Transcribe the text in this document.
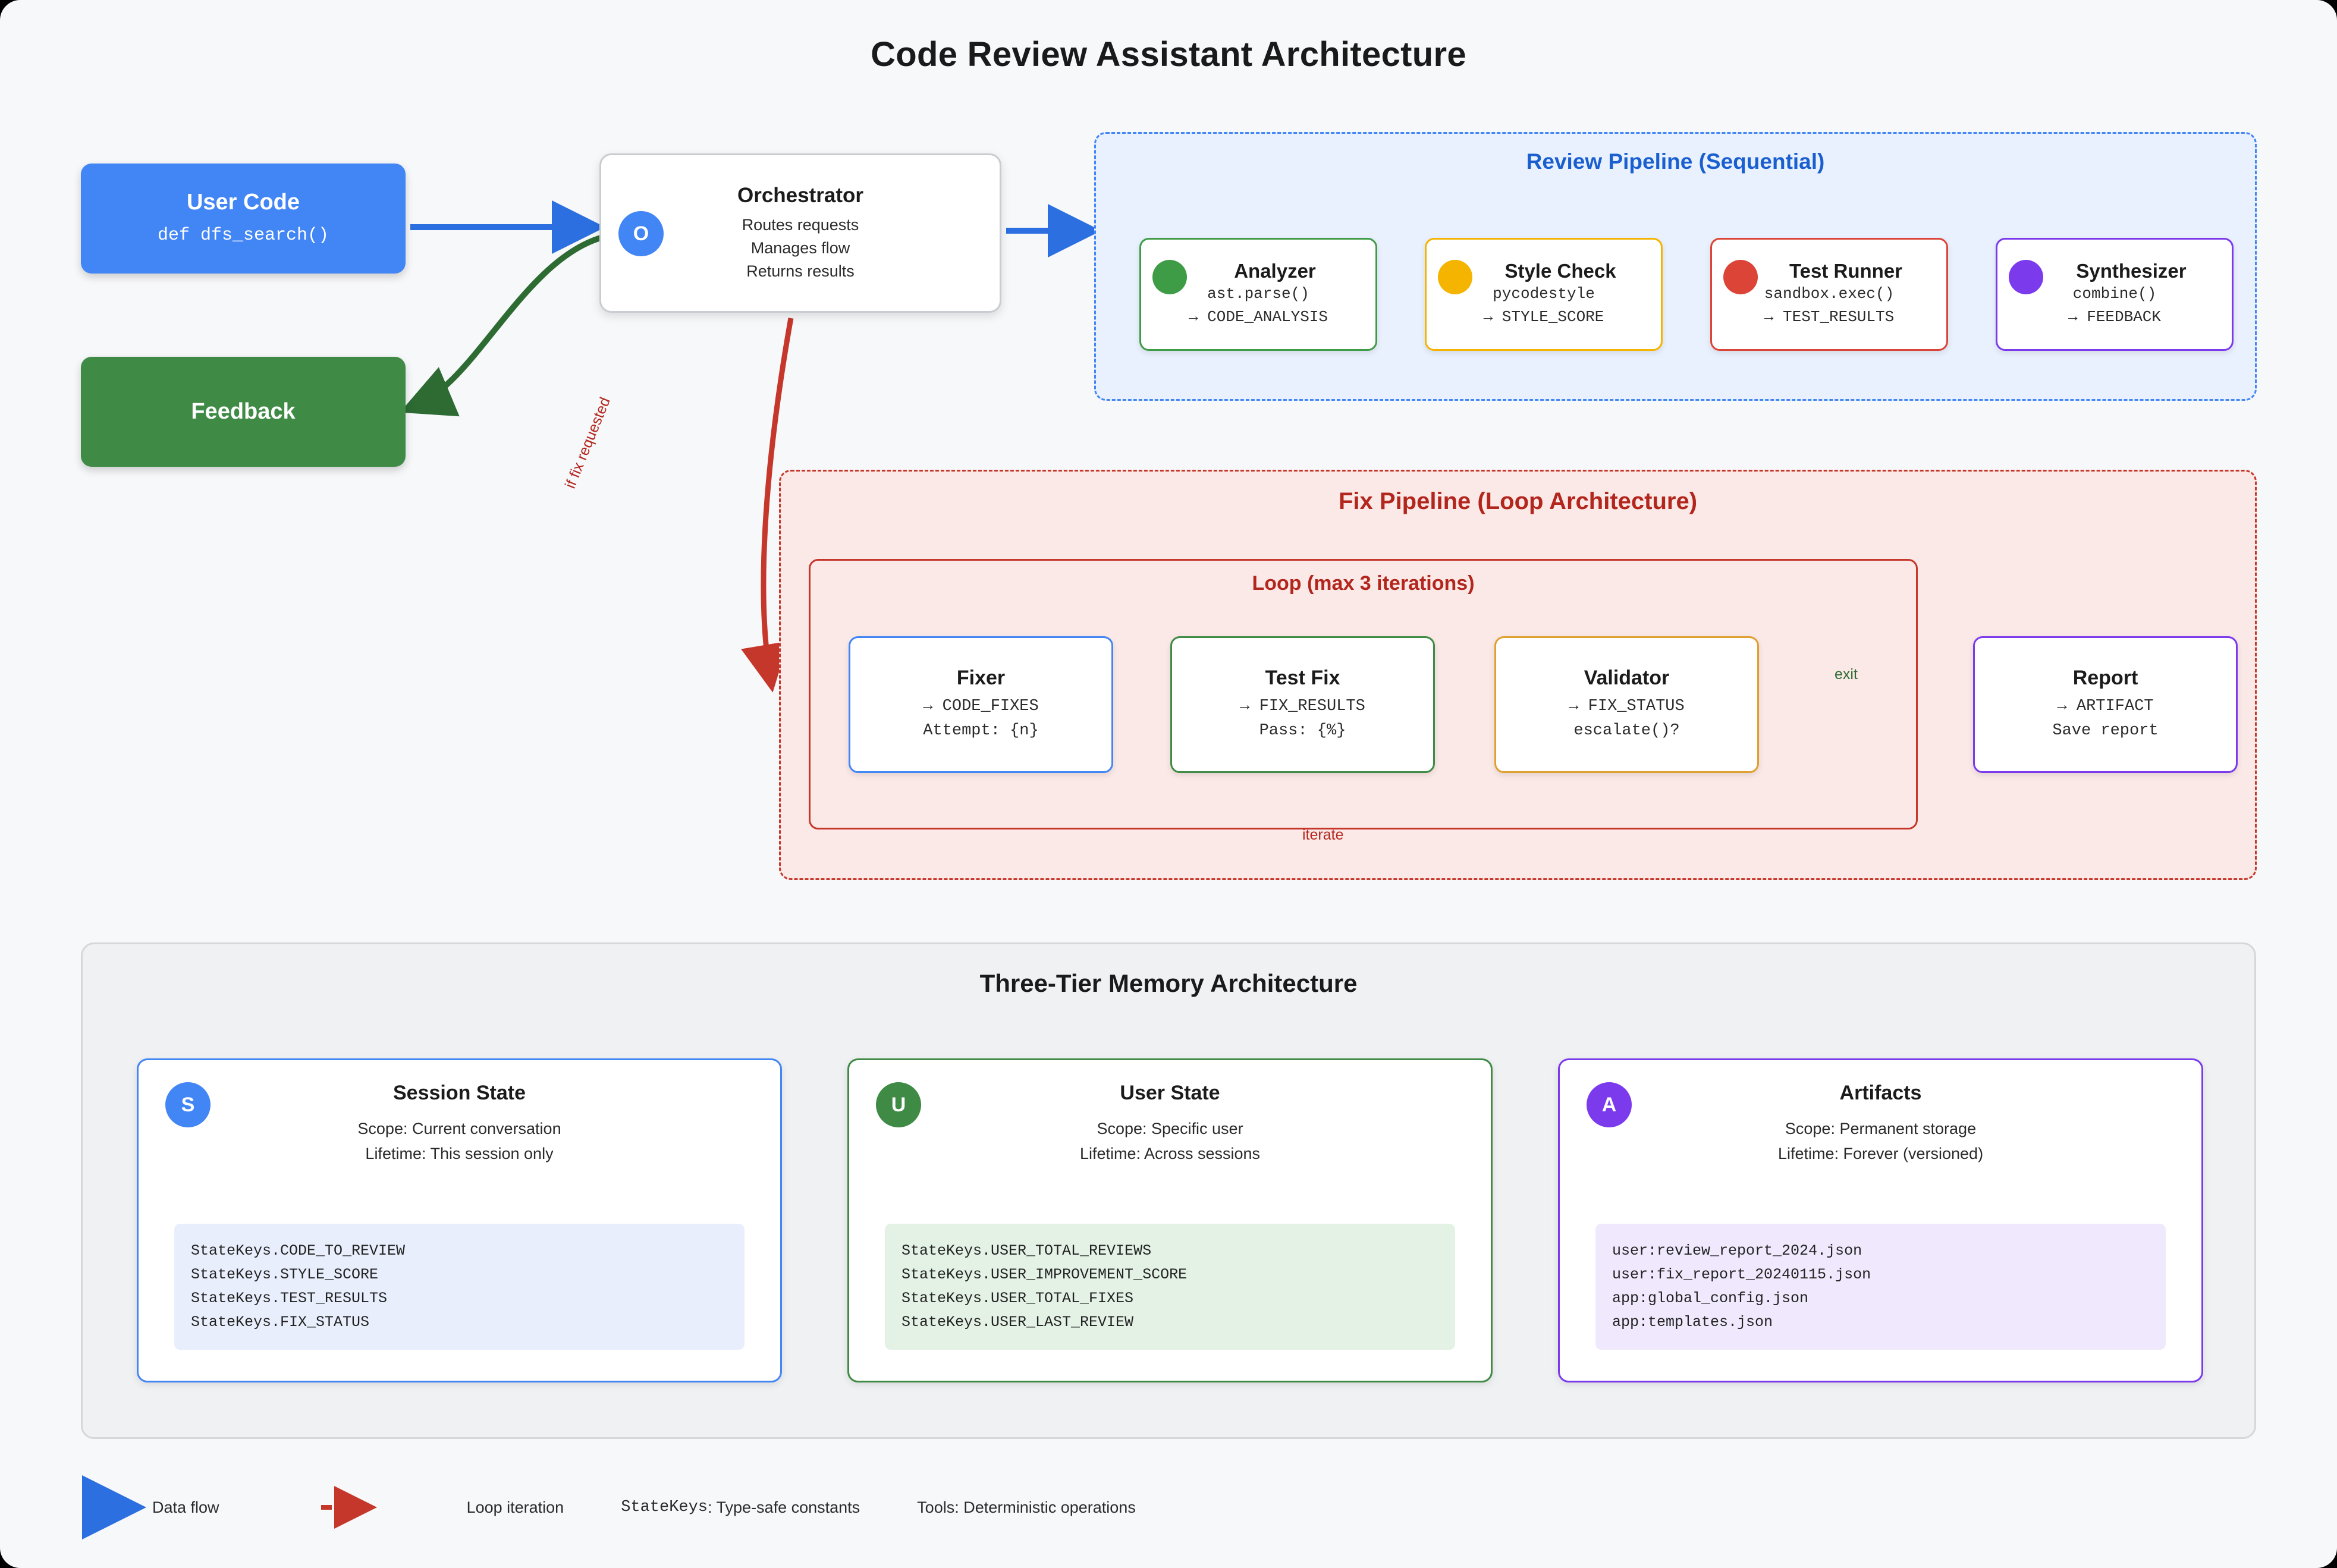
Code Review Assistant Architecture
User Code
def dfs_search()
Feedback
Orchestrator
Routes requests
Manages flow
Returns results
O
Review Pipeline (Sequential)
Analyzer
ast.parse()
→ CODE_ANALYSIS
Style Check
pycodestyle
→ STYLE_SCORE
Test Runner
sandbox.exec()
→ TEST_RESULTS
Synthesizer
combine()
→ FEEDBACK
Fix Pipeline (Loop Architecture)
Loop (max 3 iterations)
Fixer
→ CODE_FIXES
Attempt: {n}
Test Fix
→ FIX_RESULTS
Pass: {%}
Validator
→ FIX_STATUS
escalate()?
Report
→ ARTIFACT
Save report
if fix requested
exit
iterate
Three-Tier Memory Architecture
Session State
Scope: Current conversation
Lifetime: This session only
StateKeys.CODE_TO_REVIEW
StateKeys.STYLE_SCORE
StateKeys.TEST_RESULTS
StateKeys.FIX_STATUS
S
User State
Scope: Specific user
Lifetime: Across sessions
StateKeys.USER_TOTAL_REVIEWS
StateKeys.USER_IMPROVEMENT_SCORE
StateKeys.USER_TOTAL_FIXES
StateKeys.USER_LAST_REVIEW
U
Artifacts
Scope: Permanent storage
Lifetime: Forever (versioned)
user:review_report_2024.json
user:fix_report_20240115.json
app:global_config.json
app:templates.json
A
Data flow	Loop iteration	StateKeys : Type-safe constants	Tools: Deterministic operations
